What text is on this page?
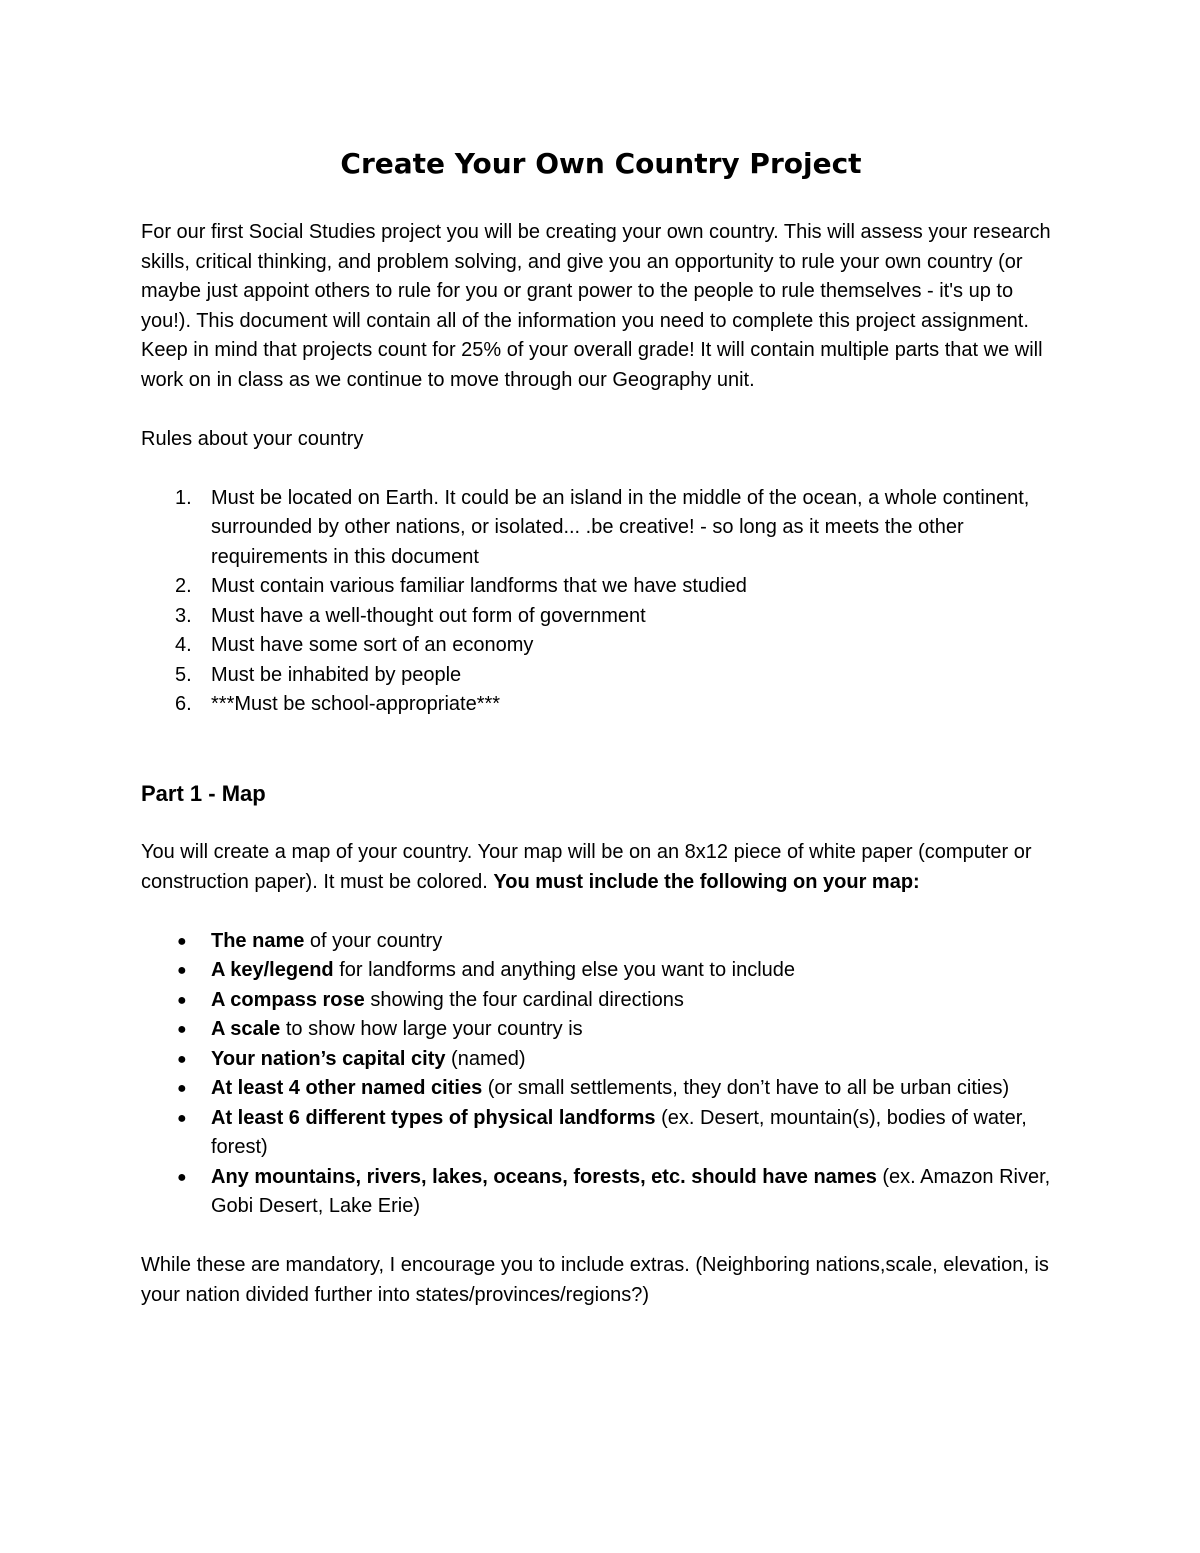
Create Your Own Country Project

For our first Social Studies project you will be creating your own country. This will assess your research skills, critical thinking, and problem solving, and give you an opportunity to rule your own country (or maybe just appoint others to rule for you or grant power to the people to rule themselves - it's up to you!). This document will contain all of the information you need to complete this project assignment. Keep in mind that projects count for 25% of your overall grade! It will contain multiple parts that we will work on in class as we continue to move through our Geography unit.

Rules about your country

1. Must be located on Earth. It could be an island in the middle of the ocean, a whole continent, surrounded by other nations, or isolated... .be creative! - so long as it meets the other requirements in this document
2. Must contain various familiar landforms that we have studied
3. Must have a well-thought out form of government
4. Must have some sort of an economy
5. Must be inhabited by people
6. ***Must be school-appropriate***

Part 1 - Map

You will create a map of your country. Your map will be on an 8x12 piece of white paper (computer or construction paper). It must be colored. You must include the following on your map:

● The name of your country
● A key/legend for landforms and anything else you want to include
● A compass rose showing the four cardinal directions
● A scale to show how large your country is
● Your nation’s capital city (named)
● At least 4 other named cities (or small settlements, they don’t have to all be urban cities)
● At least 6 different types of physical landforms (ex. Desert, mountain(s), bodies of water, forest)
● Any mountains, rivers, lakes, oceans, forests, etc. should have names (ex. Amazon River, Gobi Desert, Lake Erie)

While these are mandatory, I encourage you to include extras. (Neighboring nations,scale, elevation, is your nation divided further into states/provinces/regions?)
